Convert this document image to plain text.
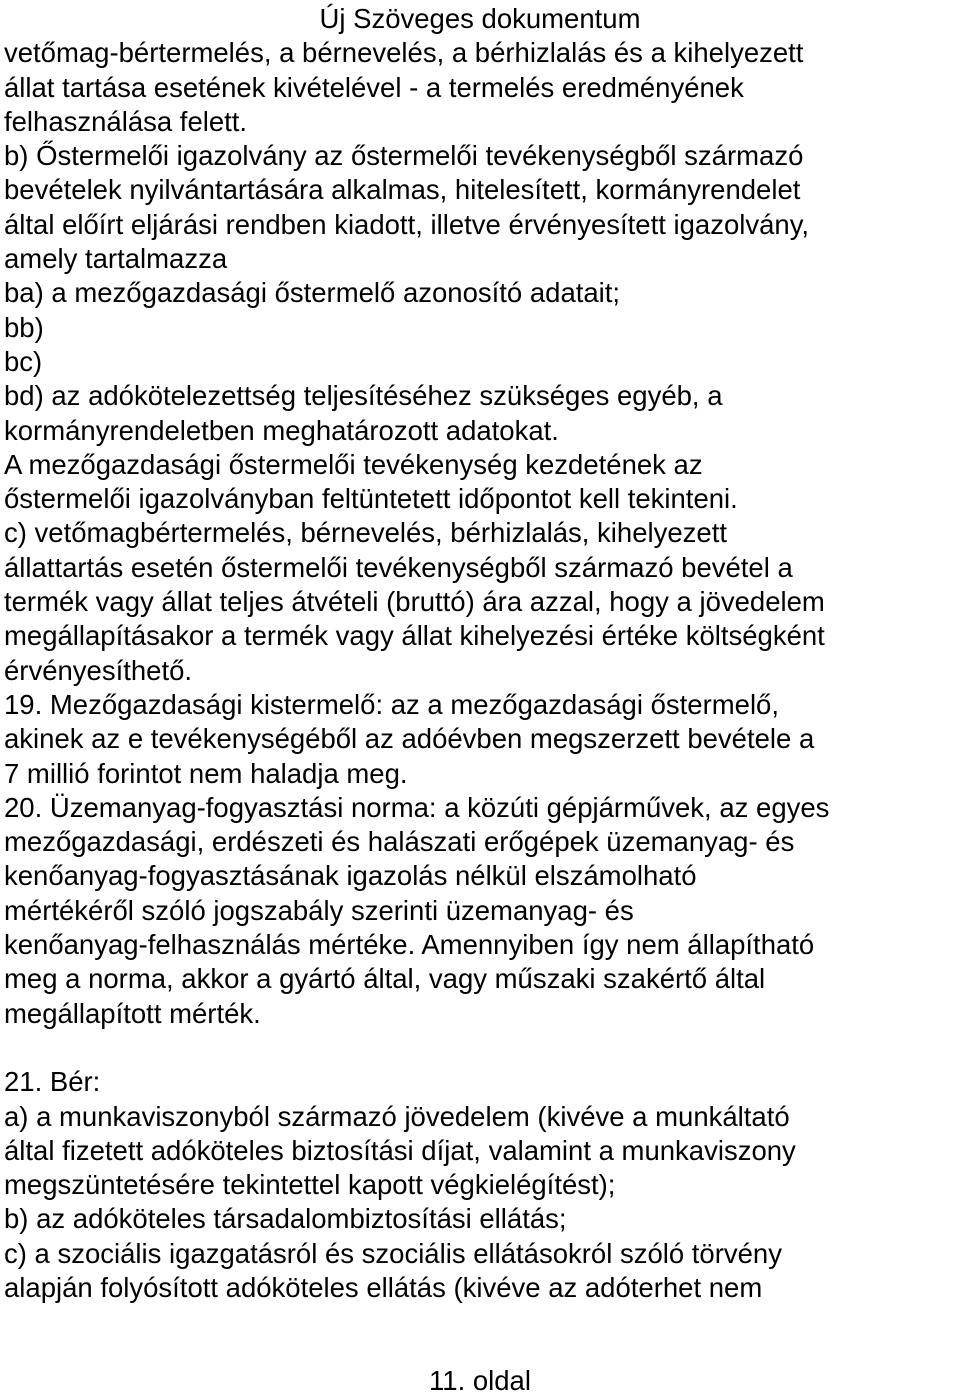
Új Szöveges dokumentum
vetőmag-bértermelés, a bérnevelés, a bérhizlalás és a kihelyezett
állat tartása esetének kivételével - a termelés eredményének
felhasználása felett.
b) Őstermelői igazolvány az őstermelői tevékenységből származó
bevételek nyilvántartására alkalmas, hitelesített, kormányrendelet
által előírt eljárási rendben kiadott, illetve érvényesített igazolvány,
amely tartalmazza
ba) a mezőgazdasági őstermelő azonosító adatait;
bb)
bc)
bd) az adókötelezettség teljesítéséhez szükséges egyéb, a
kormányrendeletben meghatározott adatokat.
A mezőgazdasági őstermelői tevékenység kezdetének az
őstermelői igazolványban feltüntetett időpontot kell tekinteni.
c) vetőmagbértermelés, bérnevelés, bérhizlalás, kihelyezett
állattartás esetén őstermelői tevékenységből származó bevétel a
termék vagy állat teljes átvételi (bruttó) ára azzal, hogy a jövedelem
megállapításakor a termék vagy állat kihelyezési értéke költségként
érvényesíthető.
19. Mezőgazdasági kistermelő: az a mezőgazdasági őstermelő,
akinek az e tevékenységéből az adóévben megszerzett bevétele a
7 millió forintot nem haladja meg.
20. Üzemanyag-fogyasztási norma: a közúti gépjárművek, az egyes
mezőgazdasági, erdészeti és halászati erőgépek üzemanyag- és
kenőanyag-fogyasztásának igazolás nélkül elszámolható
mértékéről szóló jogszabály szerinti üzemanyag- és
kenőanyag-felhasználás mértéke. Amennyiben így nem állapítható
meg a norma, akkor a gyártó által, vagy műszaki szakértő által
megállapított mérték.
21. Bér:
a) a munkaviszonyból származó jövedelem (kivéve a munkáltató
által fizetett adóköteles biztosítási díjat, valamint a munkaviszony
megszüntetésére tekintettel kapott végkielégítést);
b) az adóköteles társadalombiztosítási ellátás;
c) a szociális igazgatásról és szociális ellátásokról szóló törvény
alapján folyósított adóköteles ellátás (kivéve az adóterhet nem
11. oldal
